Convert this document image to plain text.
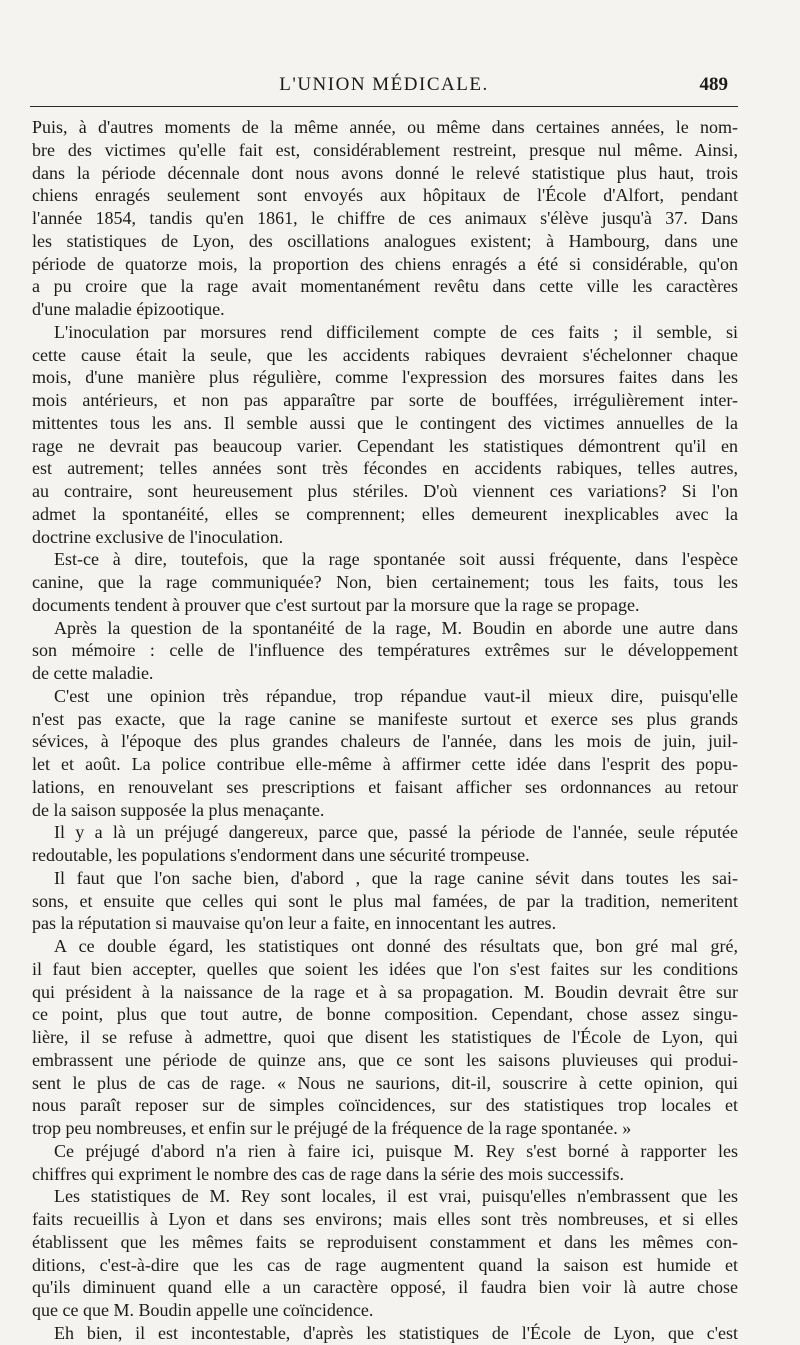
L'UNION MÉDICALE.	489
Puis, à d'autres moments de la même année, ou même dans certaines années, le nom-
bre des victimes qu'elle fait est, considérablement restreint, presque nul même. Ainsi,
dans la période décennale dont nous avons donné le relevé statistique plus haut, trois
chiens enragés seulement sont envoyés aux hôpitaux de l'École d'Alfort, pendant
l'année 1854, tandis qu'en 1861, le chiffre de ces animaux s'élève jusqu'à 37. Dans
les statistiques de Lyon, des oscillations analogues existent; à Hambourg, dans une
période de quatorze mois, la proportion des chiens enragés a été si considérable, qu'on
a pu croire que la rage avait momentanément revêtu dans cette ville les caractères
d'une maladie épizootique.
L'inoculation par morsures rend difficilement compte de ces faits ; il semble, si
cette cause était la seule, que les accidents rabiques devraient s'échelonner chaque
mois, d'une manière plus régulière, comme l'expression des morsures faites dans les
mois antérieurs, et non pas apparaître par sorte de bouffées, irrégulièrement inter-
mittentes tous les ans. Il semble aussi que le contingent des victimes annuelles de la
rage ne devrait pas beaucoup varier. Cependant les statistiques démontrent qu'il en
est autrement; telles années sont très fécondes en accidents rabiques, telles autres,
au contraire, sont heureusement plus stériles. D'où viennent ces variations? Si l'on
admet la spontanéité, elles se comprennent; elles demeurent inexplicables avec la
doctrine exclusive de l'inoculation.
Est-ce à dire, toutefois, que la rage spontanée soit aussi fréquente, dans l'espèce
canine, que la rage communiquée? Non, bien certainement; tous les faits, tous les
documents tendent à prouver que c'est surtout par la morsure que la rage se propage.
Après la question de la spontanéité de la rage, M. Boudin en aborde une autre dans
son mémoire : celle de l'influence des températures extrêmes sur le développement
de cette maladie.
C'est une opinion très répandue, trop répandue vaut-il mieux dire, puisqu'elle
n'est pas exacte, que la rage canine se manifeste surtout et exerce ses plus grands
sévices, à l'époque des plus grandes chaleurs de l'année, dans les mois de juin, juil-
let et août. La police contribue elle-même à affirmer cette idée dans l'esprit des popu-
lations, en renouvelant ses prescriptions et faisant afficher ses ordonnances au retour
de la saison supposée la plus menaçante.
Il y a là un préjugé dangereux, parce que, passé la période de l'année, seule réputée
redoutable, les populations s'endorment dans une sécurité trompeuse.
Il faut que l'on sache bien, d'abord , que la rage canine sévit dans toutes les sai-
sons, et ensuite que celles qui sont le plus mal famées, de par la tradition, nemeritent
pas la réputation si mauvaise qu'on leur a faite, en innocentant les autres.
A ce double égard, les statistiques ont donné des résultats que, bon gré mal gré,
il faut bien accepter, quelles que soient les idées que l'on s'est faites sur les conditions
qui président à la naissance de la rage et à sa propagation. M. Boudin devrait être sur
ce point, plus que tout autre, de bonne composition. Cependant, chose assez singu-
lière, il se refuse à admettre, quoi que disent les statistiques de l'École de Lyon, qui
embrassent une période de quinze ans, que ce sont les saisons pluvieuses qui produi-
sent le plus de cas de rage. « Nous ne saurions, dit-il, souscrire à cette opinion, qui
nous paraît reposer sur de simples coïncidences, sur des statistiques trop locales et
trop peu nombreuses, et enfin sur le préjugé de la fréquence de la rage spontanée. »
Ce préjugé d'abord n'a rien à faire ici, puisque M. Rey s'est borné à rapporter les
chiffres qui expriment le nombre des cas de rage dans la série des mois successifs.
Les statistiques de M. Rey sont locales, il est vrai, puisqu'elles n'embrassent que les
faits recueillis à Lyon et dans ses environs; mais elles sont très nombreuses, et si elles
établissent que les mêmes faits se reproduisent constamment et dans les mêmes con-
ditions, c'est-à-dire que les cas de rage augmentent quand la saison est humide et
qu'ils diminuent quand elle a un caractère opposé, il faudra bien voir là autre chose
que ce que M. Boudin appelle une coïncidence.
Eh bien, il est incontestable, d'après les statistiques de l'École de Lyon, que c'est
